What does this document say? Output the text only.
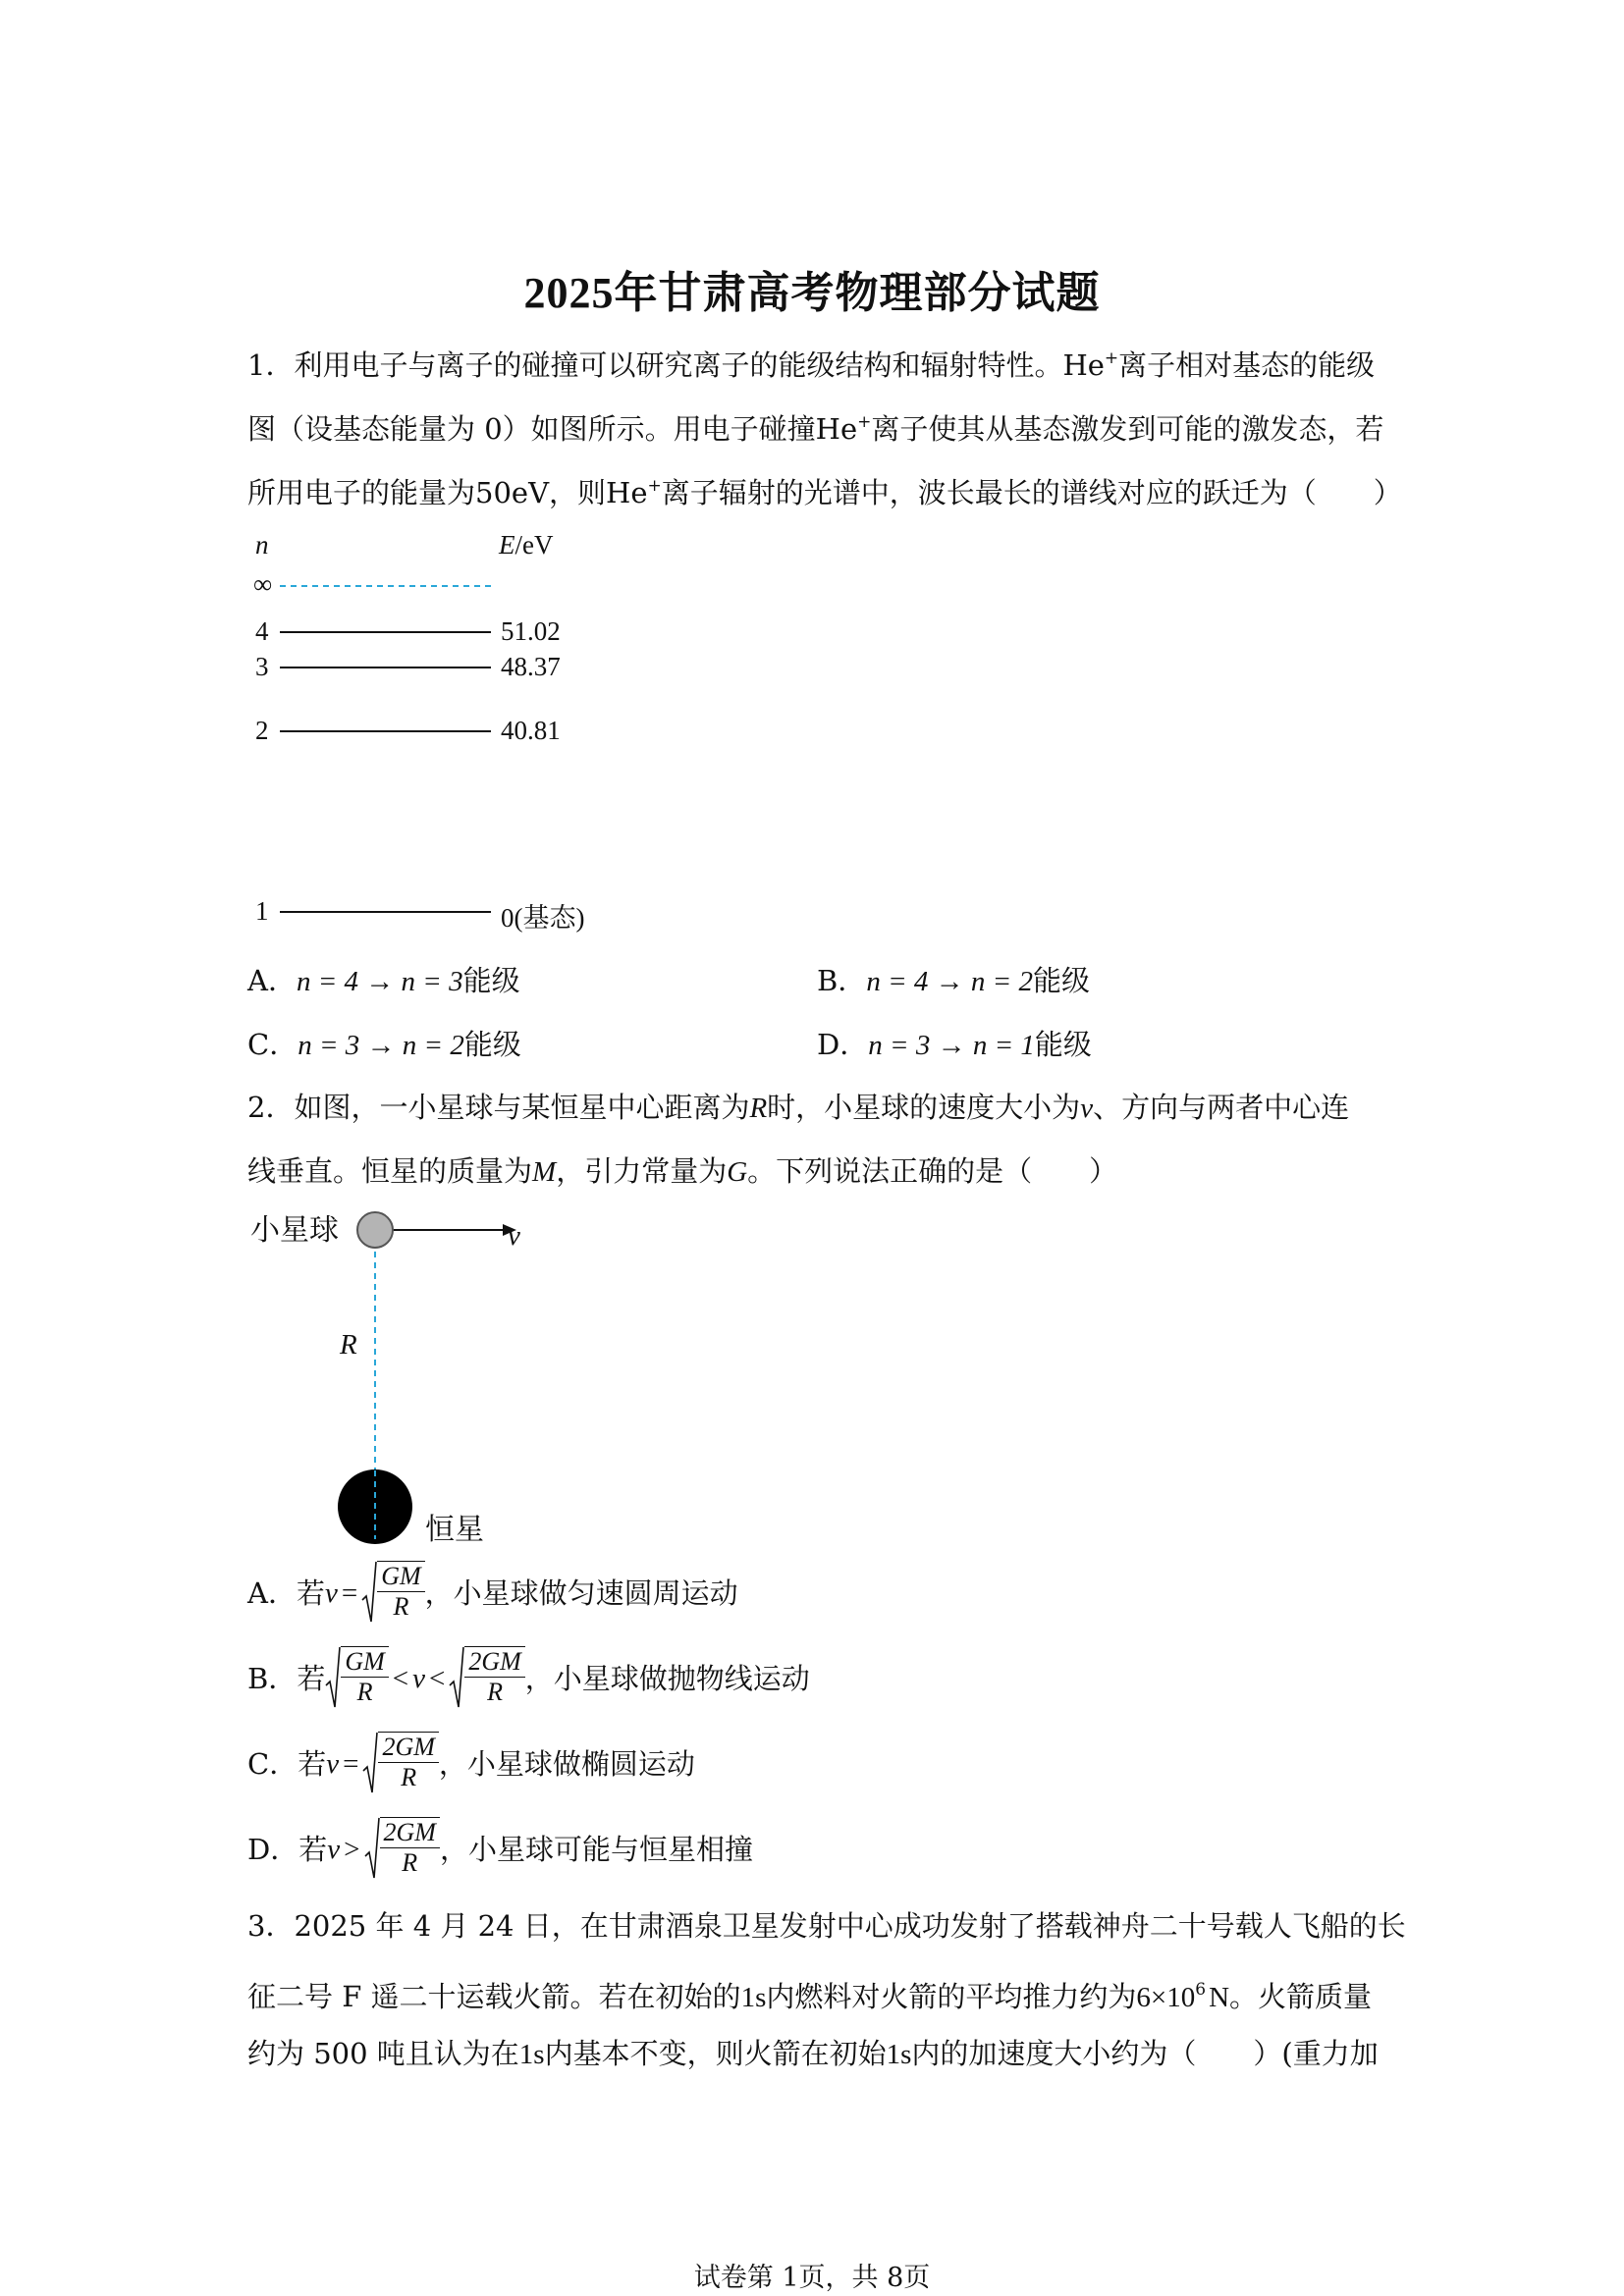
2025年甘肃高考物理部分试题
1．利用电子与离子的碰撞可以研究离子的能级结构和辐射特性。He+离子相对基态的能级
图（设基态能量为 0）如图所示。用电子碰撞He+离子使其从基态激发到可能的激发态，若
所用电子的能量为50eV，则He+离子辐射的光谱中，波长最长的谱线对应的跃迁为（　　）
n	E/eV
∞
4	51.02
3	48.37
2	40.81
1	0(基态)
A．n = 4 → n = 3能级	B．n = 4 → n = 2能级
C．n = 3 → n = 2能级	D．n = 3 → n = 1能级
2．如图，一小星球与某恒星中心距离为R时，小星球的速度大小为v、方向与两者中心连
线垂直。恒星的质量为M，引力常量为G。下列说法正确的是（　　）
小星球	v
R
恒星
A． 若 $v = \frac{GM}{R}$ ，小星球做匀速圆周运动
B． 若 $\frac{GM}{R} < v < \frac{2GM}{R}$ ，小星球做抛物线运动
C． 若 $v = \frac{2GM}{R}$ ，小星球做椭圆运动
D． 若 $v > \frac{2GM}{R}$ ，小星球可能与恒星相撞
3．2025 年 4 月 24 日，在甘肃酒泉卫星发射中心成功发射了搭载神舟二十号载人飞船的长
征二号 F 遥二十运载火箭。若在初始的1s内燃料对火箭的平均推力约为$6\times 10^6$ N。火箭质量
约为 500 吨且认为在1s内基本不变，则火箭在初始1s内的加速度大小约为（　　）(重力加
试卷第 1页，共 8页
